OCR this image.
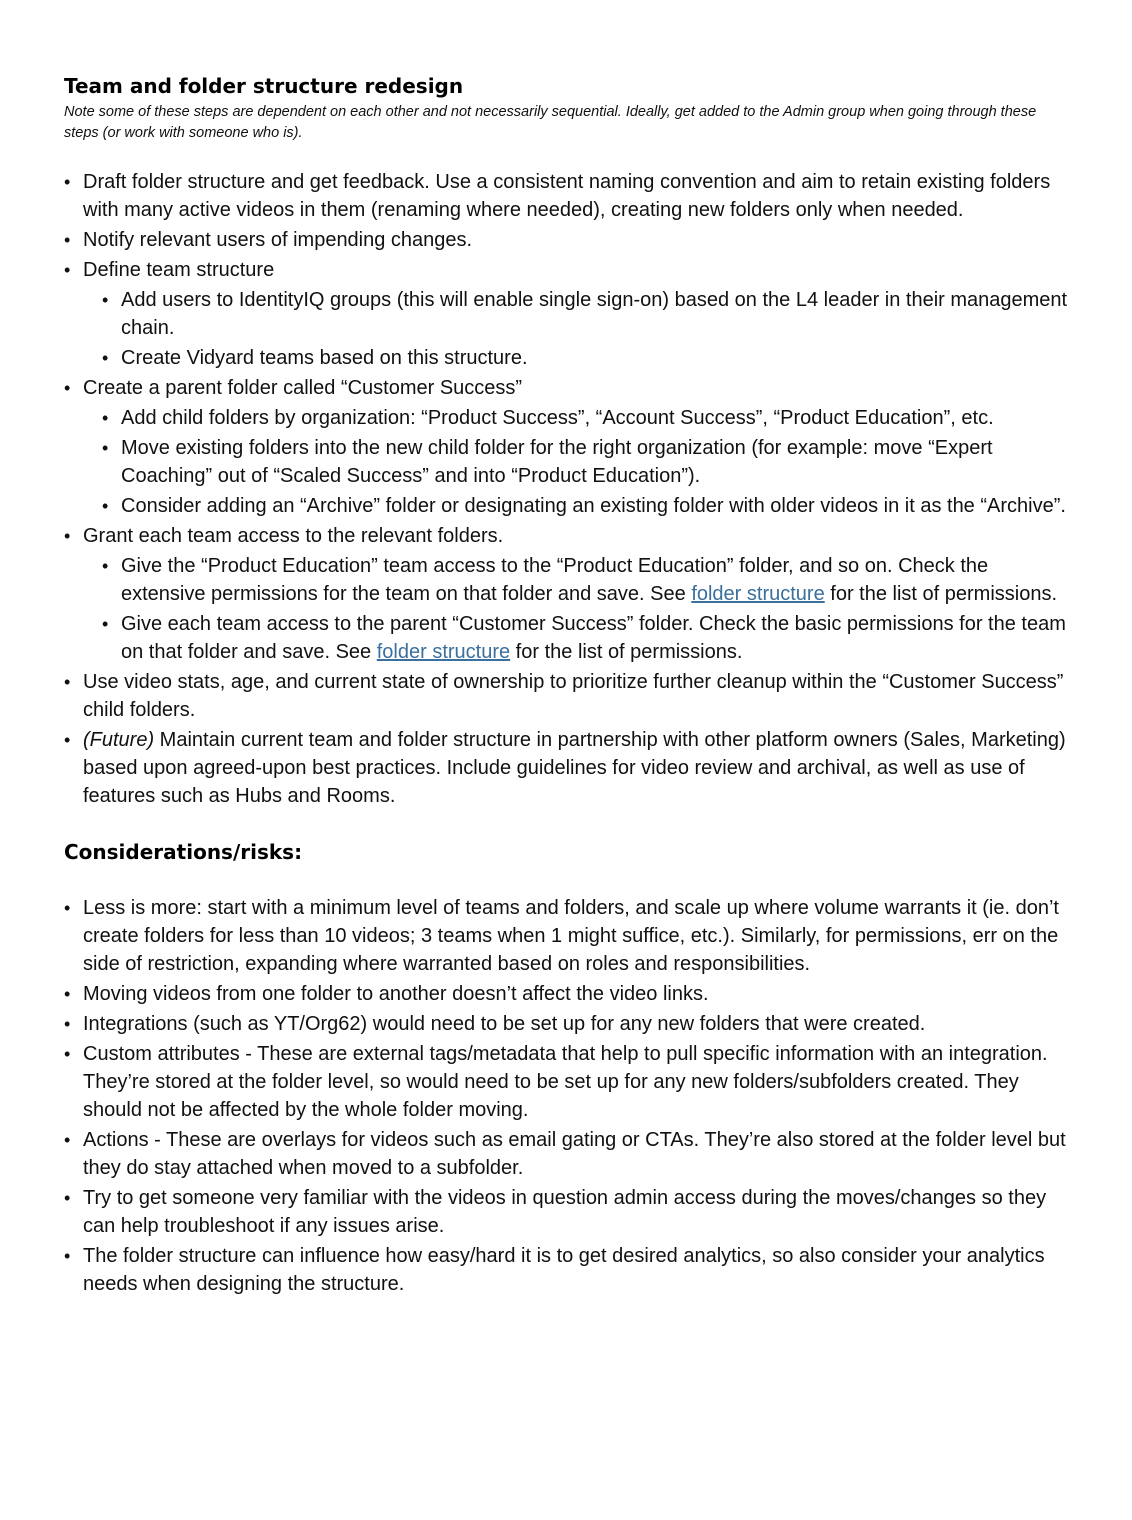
Team and folder structure redesign

Note some of these steps are dependent on each other and not necessarily sequential. Ideally, get added to the Admin group when going through these steps (or work with someone who is).

• Draft folder structure and get feedback. Use a consistent naming convention and aim to retain existing folders with many active videos in them (renaming where needed), creating new folders only when needed.
• Notify relevant users of impending changes.
• Define team structure
• Add users to IdentityIQ groups (this will enable single sign-on) based on the L4 leader in their management chain.
• Create Vidyard teams based on this structure.
• Create a parent folder called “Customer Success”
• Add child folders by organization: “Product Success”, “Account Success”, “Product Education”, etc.
• Move existing folders into the new child folder for the right organization (for example: move “Expert Coaching” out of “Scaled Success” and into “Product Education”).
• Consider adding an “Archive” folder or designating an existing folder with older videos in it as the “Archive”.
• Grant each team access to the relevant folders.
• Give the “Product Education” team access to the “Product Education” folder, and so on. Check the extensive permissions for the team on that folder and save. See folder structure for the list of permissions.
• Give each team access to the parent “Customer Success” folder. Check the basic permissions for the team on that folder and save. See folder structure for the list of permissions.
• Use video stats, age, and current state of ownership to prioritize further cleanup within the “Customer Success” child folders.
• (Future) Maintain current team and folder structure in partnership with other platform owners (Sales, Marketing) based upon agreed-upon best practices. Include guidelines for video review and archival, as well as use of features such as Hubs and Rooms.
Considerations/risks:
• Less is more: start with a minimum level of teams and folders, and scale up where volume warrants it (ie. don’t create folders for less than 10 videos; 3 teams when 1 might suffice, etc.). Similarly, for permissions, err on the side of restriction, expanding where warranted based on roles and responsibilities.
• Moving videos from one folder to another doesn’t affect the video links.
• Integrations (such as YT/Org62) would need to be set up for any new folders that were created.
• Custom attributes - These are external tags/metadata that help to pull specific information with an integration. They’re stored at the folder level, so would need to be set up for any new folders/subfolders created. They should not be affected by the whole folder moving.
• Actions - These are overlays for videos such as email gating or CTAs. They’re also stored at the folder level but they do stay attached when moved to a subfolder.
• Try to get someone very familiar with the videos in question admin access during the moves/changes so they can help troubleshoot if any issues arise.
• The folder structure can influence how easy/hard it is to get desired analytics, so also consider your analytics needs when designing the structure.
